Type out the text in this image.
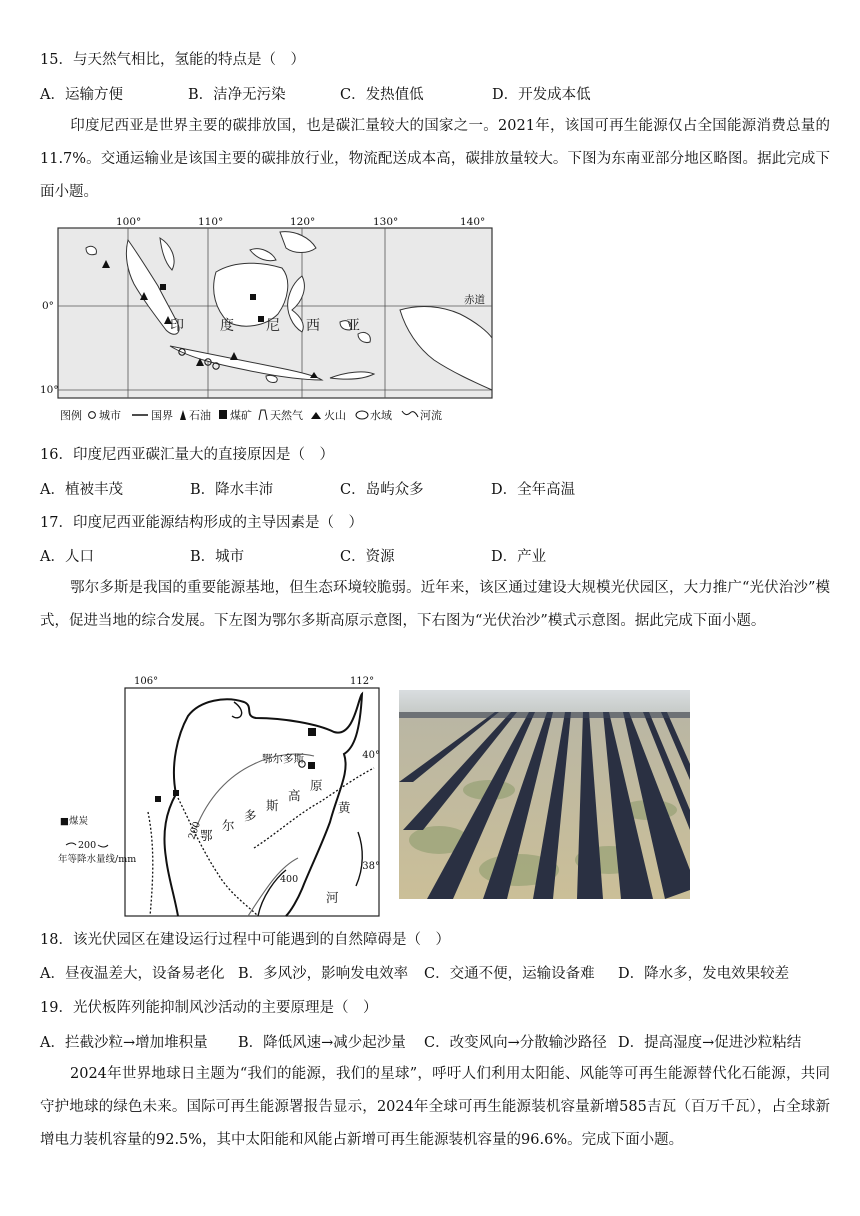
15．与天然气相比，氢能的特点是（　）
A．运输方便	B．洁净无污染	C．发热值低	D．开发成本低
印度尼西亚是世界主要的碳排放国，也是碳汇量较大的国家之一。2021年，该国可再生能源仅占全国能源消费总量的11.7%。交通运输业是该国主要的碳排放行业，物流配送成本高，碳排放量较大。下图为东南亚部分地区略图。据此完成下面小题。
100°	110°	120°	130°	140°
0°
10°
赤道
印	度 尼 西 亚
图例 城市	国界 石油 煤矿 天然气 火山 水域	河流
16．印度尼西亚碳汇量大的直接原因是（　）
A．植被丰茂	B．降水丰沛	C．岛屿众多	D．全年高温
17．印度尼西亚能源结构形成的主导因素是（　）
A．人口	B．城市	C．资源	D．产业
鄂尔多斯是我国的重要能源基地，但生态环境较脆弱。近年来，该区通过建设大规模光伏园区，大力推广“光伏治沙”模式，促进当地的综合发展。下左图为鄂尔多斯高原示意图，下右图为“光伏治沙”模式示意图。据此完成下面小题。
106°	112°
40°
38°
200
400
鄂尔多斯
鄂
尔
多
斯
高
原
黄
河
■煤炭
200
年等降水量线/mm
18．该光伏园区在建设运行过程中可能遇到的自然障碍是（　）
A．昼夜温差大，设备易老化 B．多风沙，影响发电效率 C．交通不便，运输设备难 D．降水多，发电效果较差
19．光伏板阵列能抑制风沙活动的主要原理是（　）
A．拦截沙粒→增加堆积量 B．降低风速→减少起沙量 C．改变风向→分散输沙路径 D．提高湿度→促进沙粒粘结
2024年世界地球日主题为“我们的能源，我们的星球”，呼吁人们利用太阳能、风能等可再生能源替代化石能源，共同守护地球的绿色未来。国际可再生能源署报告显示，2024年全球可再生能源装机容量新增585吉瓦（百万千瓦），占全球新增电力装机容量的92.5%，其中太阳能和风能占新增可再生能源装机容量的96.6%。完成下面小题。
